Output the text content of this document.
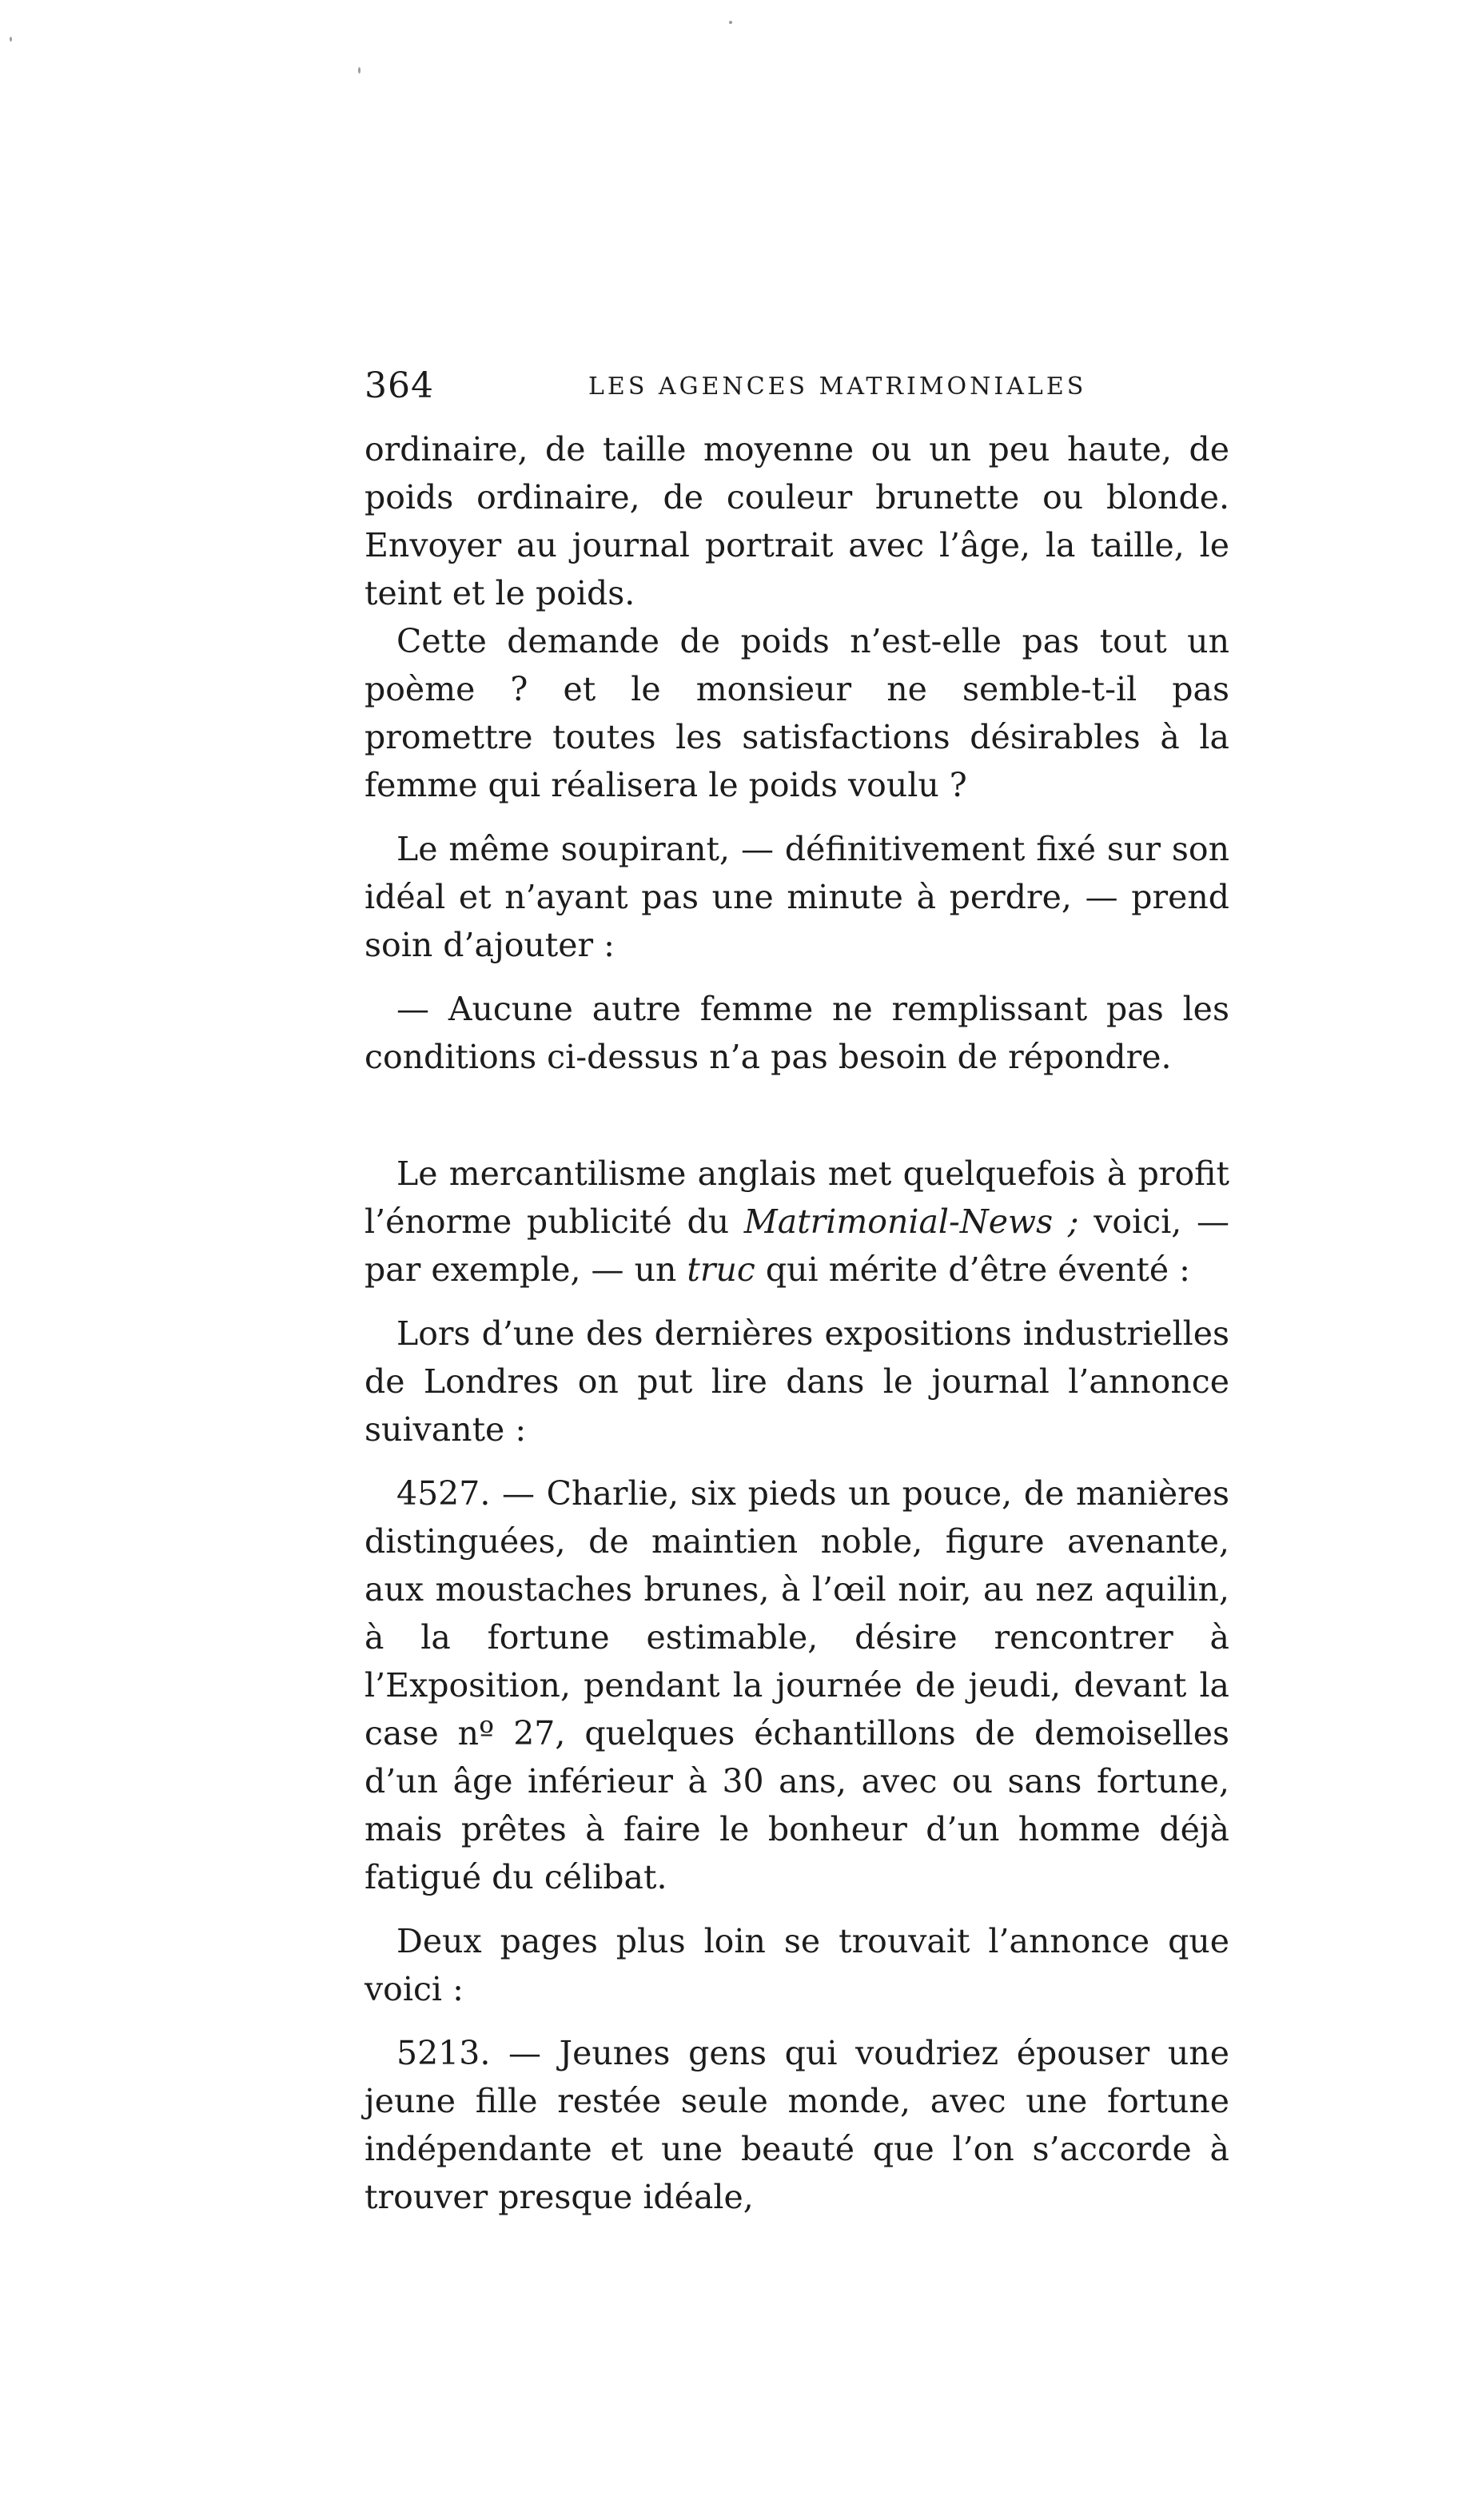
364	LES AGENCES MATRIMONIALES

ordinaire, de taille moyenne ou un peu haute, de poids ordinaire, de couleur brunette ou blonde. Envoyer au journal portrait avec l’âge, la taille, le teint et le poids.

Cette demande de poids n’est-elle pas tout un poème ? et le monsieur ne semble-t-il pas promettre toutes les satisfactions désirables à la femme qui réalisera le poids voulu ?

Le même soupirant, — définitivement fixé sur son idéal et n’ayant pas une minute à perdre, — prend soin d’ajouter :

— Aucune autre femme ne remplissant pas les conditions ci-dessus n’a pas besoin de répondre.

Le mercantilisme anglais met quelquefois à profit l’énorme publicité du Matrimonial-News ; voici, — par exemple, — un truc qui mérite d’être éventé :

Lors d’une des dernières expositions industrielles de Londres on put lire dans le journal l’annonce suivante :

4527. — Charlie, six pieds un pouce, de manières distinguées, de maintien noble, figure avenante, aux moustaches brunes, à l’œil noir, au nez aquilin, à la fortune estimable, désire rencontrer à l’Exposition, pendant la journée de jeudi, devant la case nº 27, quelques échantillons de demoiselles d’un âge inférieur à 30 ans, avec ou sans fortune, mais prêtes à faire le bonheur d’un homme déjà fatigué du célibat.

Deux pages plus loin se trouvait l’annonce que voici :

5213. — Jeunes gens qui voudriez épouser une jeune fille restée seule monde, avec une fortune indépendante et une beauté que l’on s’accorde à trouver presque idéale,
